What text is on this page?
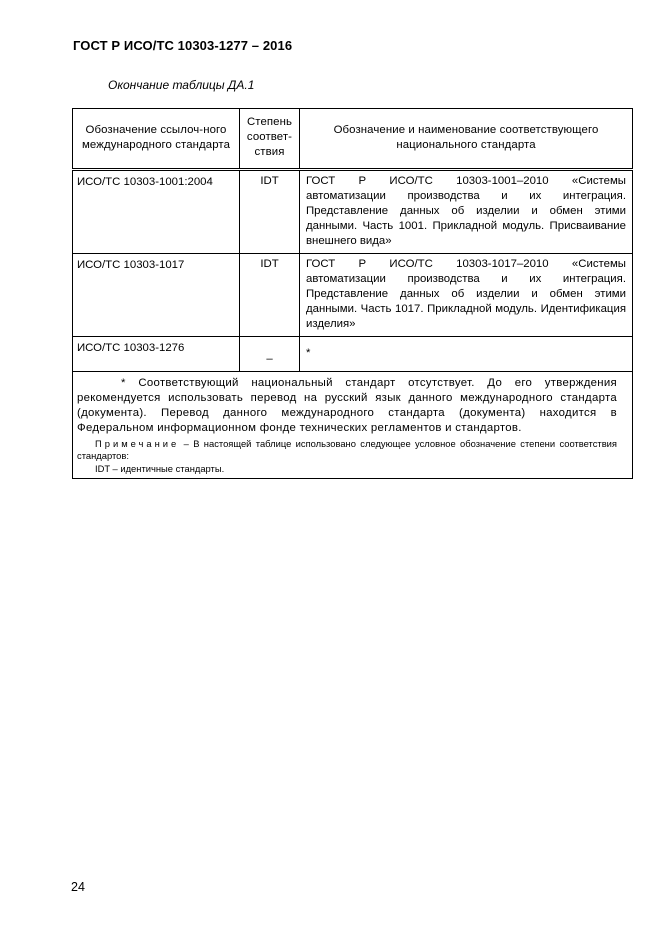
ГОСТ Р ИСО/ТС 10303-1277 – 2016
Окончание таблицы ДА.1
Обозначение ссылоч-ного международного стандарта	Степень соответ-ствия	Обозначение и наименование соответствующего национального стандарта
ИСО/ТС 10303-1001:2004	IDT	ГОСТ Р ИСО/ТС 10303-1001–2010 «Системы автоматизации производства и их интеграция. Представление данных об изделии и обмен этими данными. Часть 1001. Прикладной модуль. Присваивание внешнего вида»
ИСО/ТС 10303-1017	IDT	ГОСТ Р ИСО/ТС 10303-1017–2010 «Системы автоматизации производства и их интеграция. Представление данных об изделии и обмен этими данными. Часть 1017. Прикладной модуль. Идентификация изделия»
ИСО/ТС 10303-1276	–	*

* Соответствующий национальный стандарт отсутствует. До его утверждения рекомендуется использовать перевод на русский язык данного международного стандарта (документа). Перевод данного международного стандарта (документа) находится в Федеральном информационном фонде технических регламентов и стандартов.

Примечание – В настоящей таблице использовано следующее условное обозначение степени соответствия стандартов:

IDT – идентичные стандарты.		

24
